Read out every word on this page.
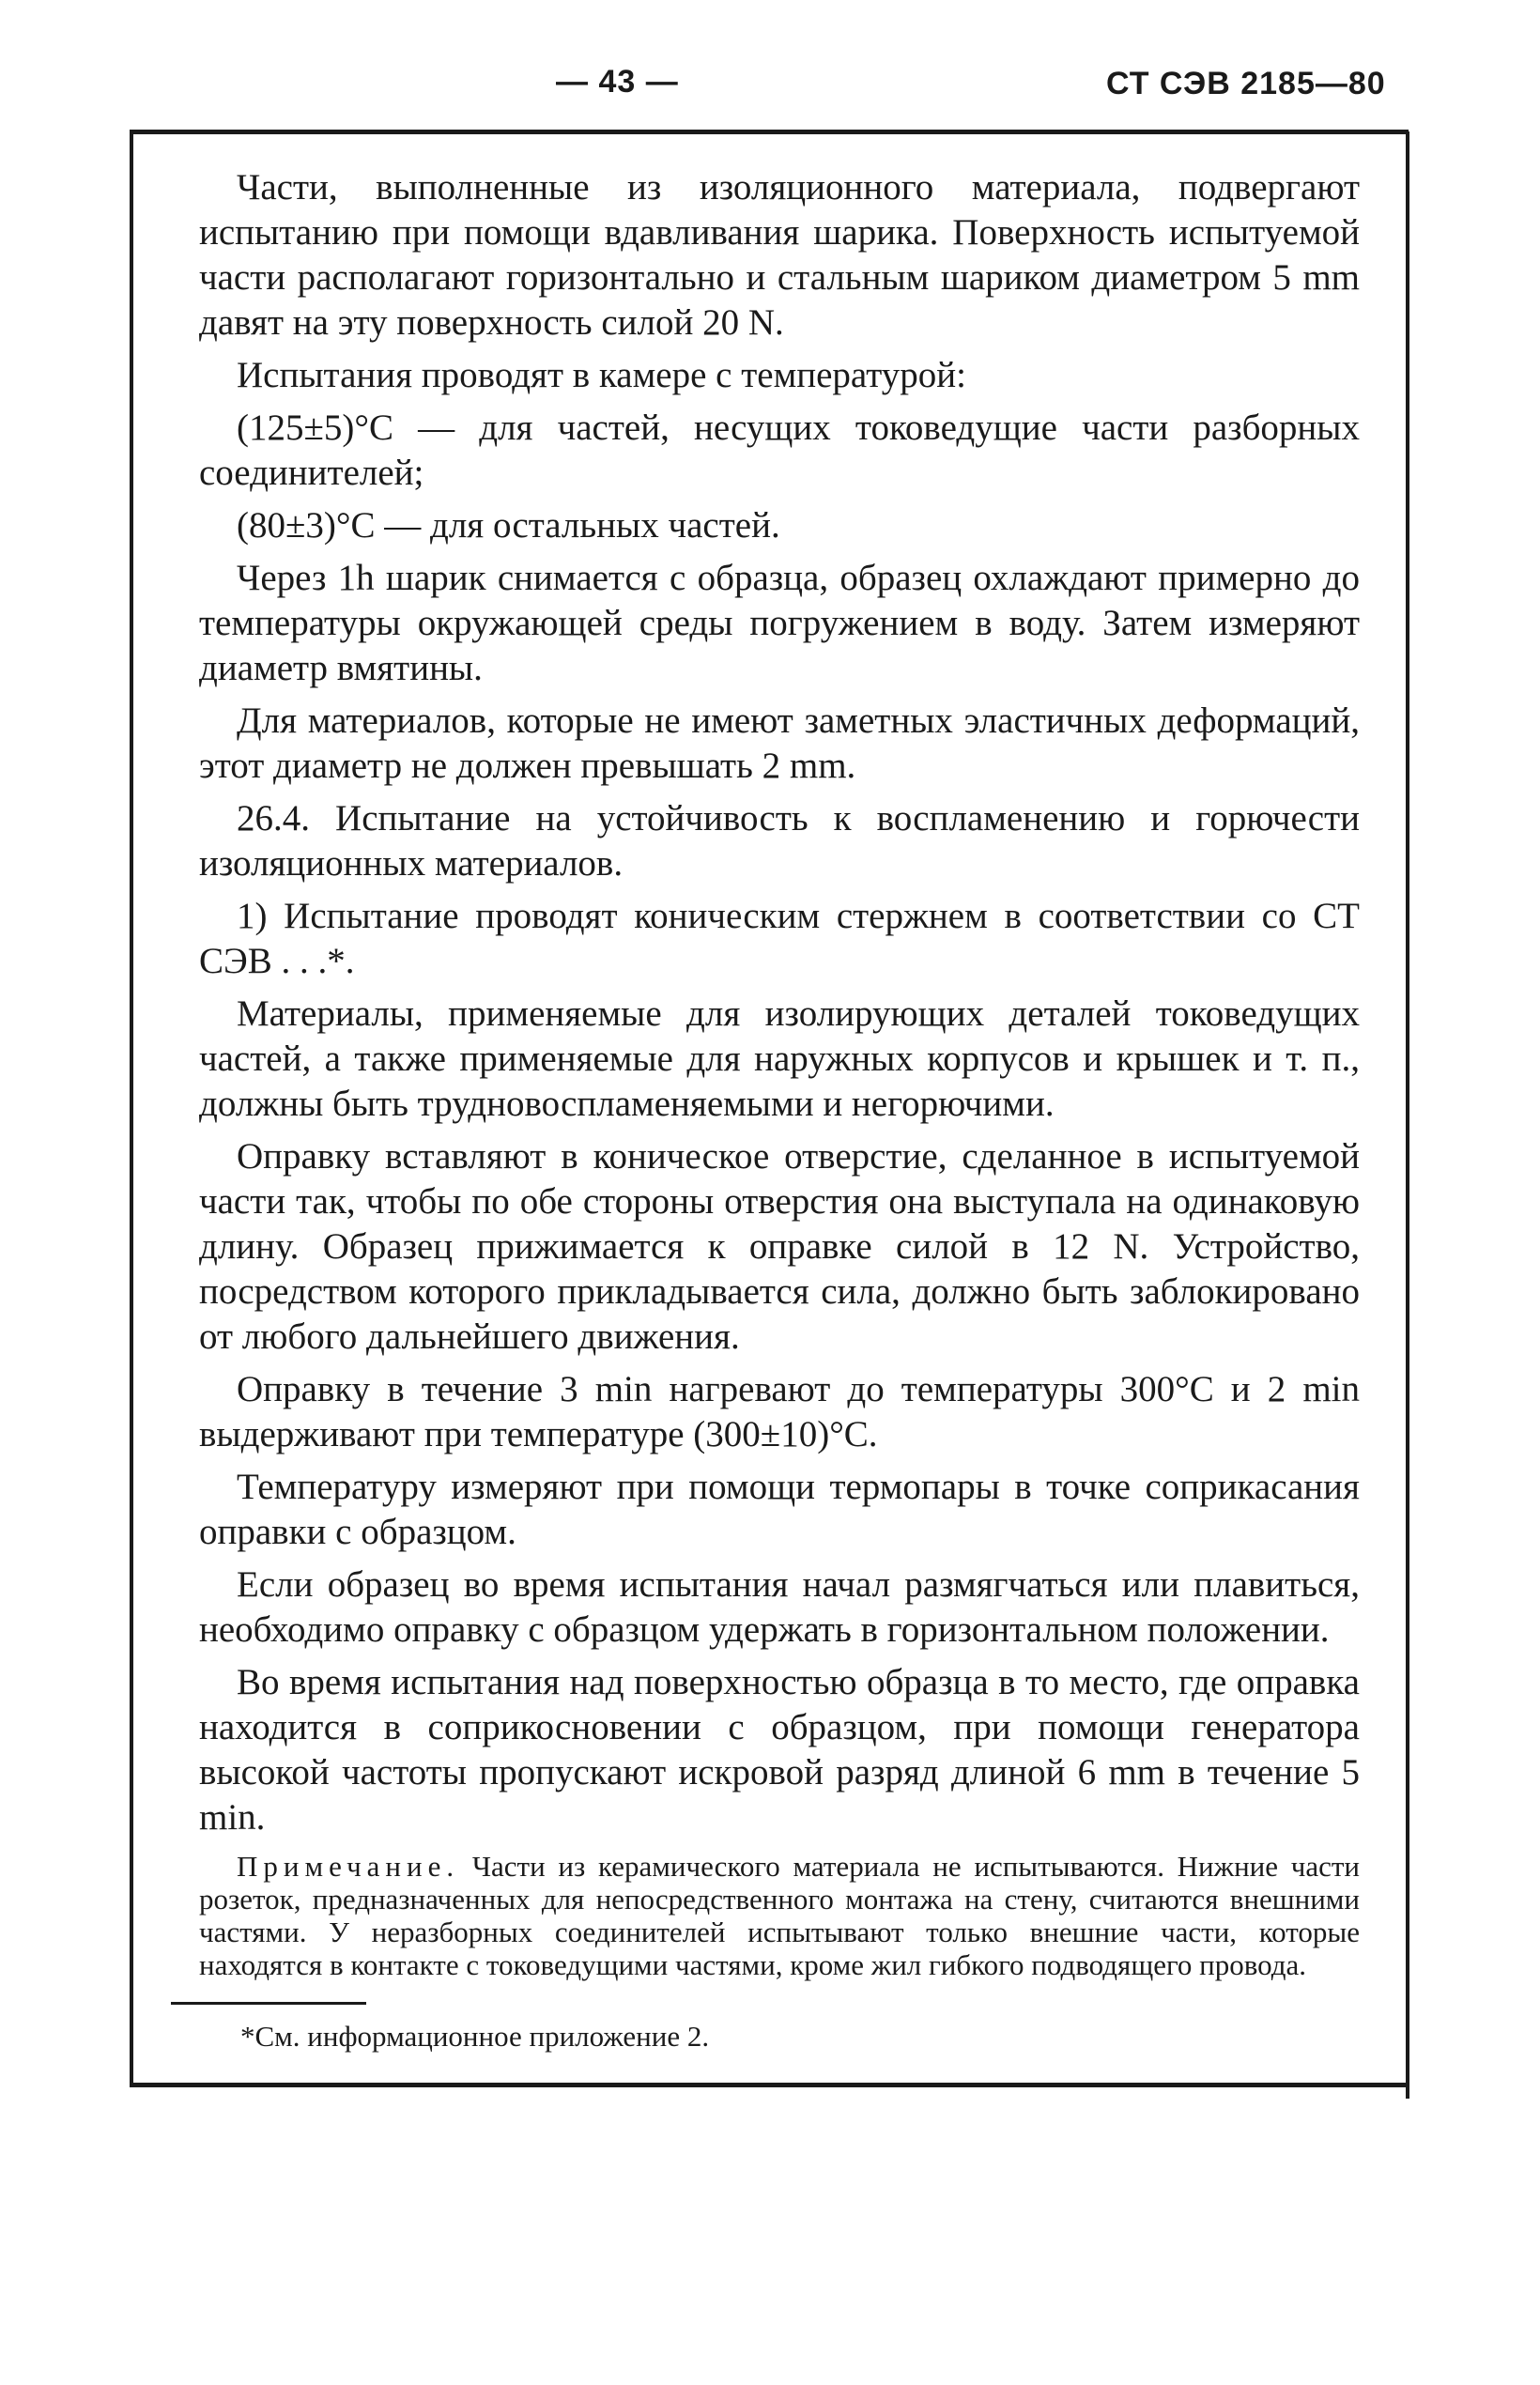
— 43 —	СТ СЭВ 2185—80

Части, выполненные из изоляционного материала, подвергают испытанию при помощи вдавливания шарика. Поверхность испытуемой части располагают горизонтально и стальным шариком диаметром 5 mm давят на эту поверхность силой 20 N.

Испытания проводят в камере с температурой:

(125±5)°С — для частей, несущих токоведущие части разборных соединителей;

(80±3)°С — для остальных частей.

Через 1h шарик снимается с образца, образец охлаждают примерно до температуры окружающей среды погружением в воду. Затем измеряют диаметр вмятины.

Для материалов, которые не имеют заметных эластичных деформаций, этот диаметр не должен превышать 2 mm.

26.4. Испытание на устойчивость к воспламенению и горючести изоляционных материалов.

1) Испытание проводят коническим стержнем в соответствии со СТ СЭВ . . .*.

Материалы, применяемые для изолирующих деталей токоведущих частей, а также применяемые для наружных корпусов и крышек и т. п., должны быть трудновоспламеняемыми и негорючими.

Оправку вставляют в коническое отверстие, сделанное в испытуемой части так, чтобы по обе стороны отверстия она выступала на одинаковую длину. Образец прижимается к оправке силой в 12 N. Устройство, посредством которого прикладывается сила, должно быть заблокировано от любого дальнейшего движения.

Оправку в течение 3 min нагревают до температуры 300°С и 2 min выдерживают при температуре (300±10)°С.

Температуру измеряют при помощи термопары в точке соприкасания оправки с образцом.

Если образец во время испытания начал размягчаться или плавиться, необходимо оправку с образцом удержать в горизонтальном положении.

Во время испытания над поверхностью образца в то место, где оправка находится в соприкосновении с образцом, при помощи генератора высокой частоты пропускают искровой разряд длиной 6 mm в течение 5 min.

Примечание. Части из керамического материала не испытываются. Нижние части розеток, предназначенных для непосредственного монтажа на стену, считаются внешними частями. У неразборных соединителей испытывают только внешние части, которые находятся в контакте с токоведущими частями, кроме жил гибкого подводящего провода.

*См. информационное приложение 2.
